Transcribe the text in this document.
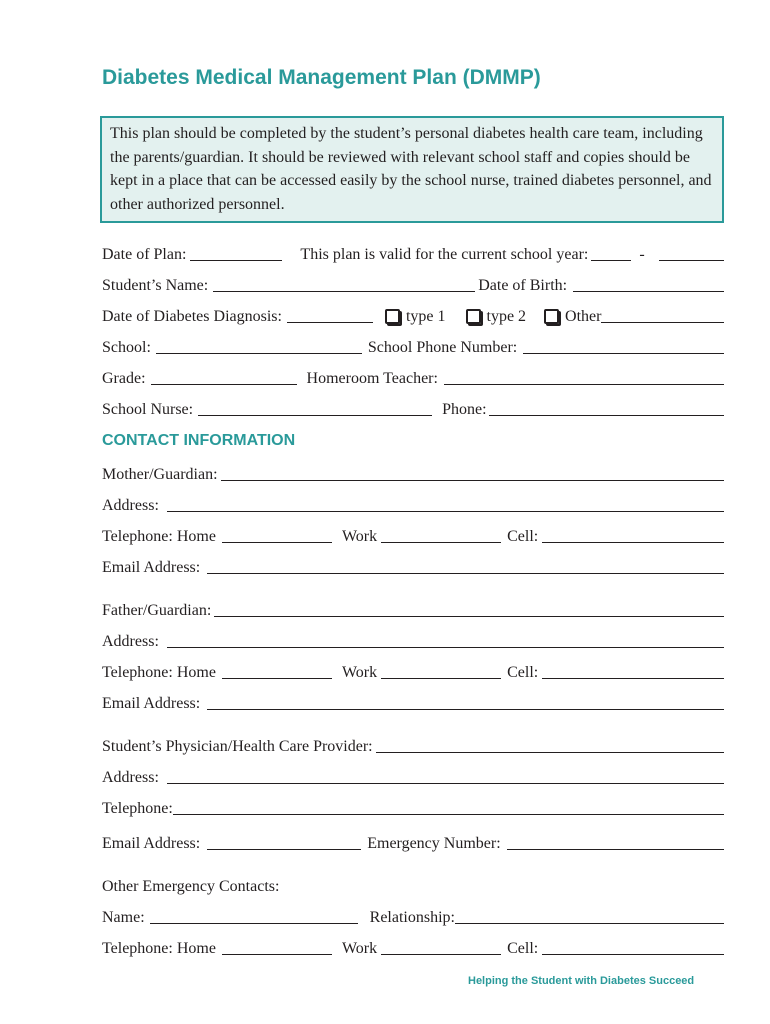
Diabetes Medical Management Plan (DMMP)
This plan should be completed by the student’s personal diabetes health care team, including the parents/guardian. It should be reviewed with relevant school staff and copies should be kept in a place that can be accessed easily by the school nurse, trained diabetes personnel, and other authorized personnel.
Date of Plan:	This plan is valid for the current school year:	-
Student’s Name:	Date of Birth:
Date of Diabetes Diagnosis:	type 1	type 2 Other
School:	School Phone Number:
Grade:	Homeroom Teacher:
School Nurse:	Phone:
CONTACT INFORMATION
Mother/Guardian:
Address:
Telephone: Home	Work	Cell:
Email Address:
Father/Guardian:
Address:
Telephone: Home	Work	Cell:
Email Address:
Student’s Physician/Health Care Provider:
Address:
Telephone:
Email Address:	Emergency Number:
Other Emergency Contacts:
Name:	Relationship:
Telephone: Home	Work	Cell:
Helping the Student with Diabetes Succeed
